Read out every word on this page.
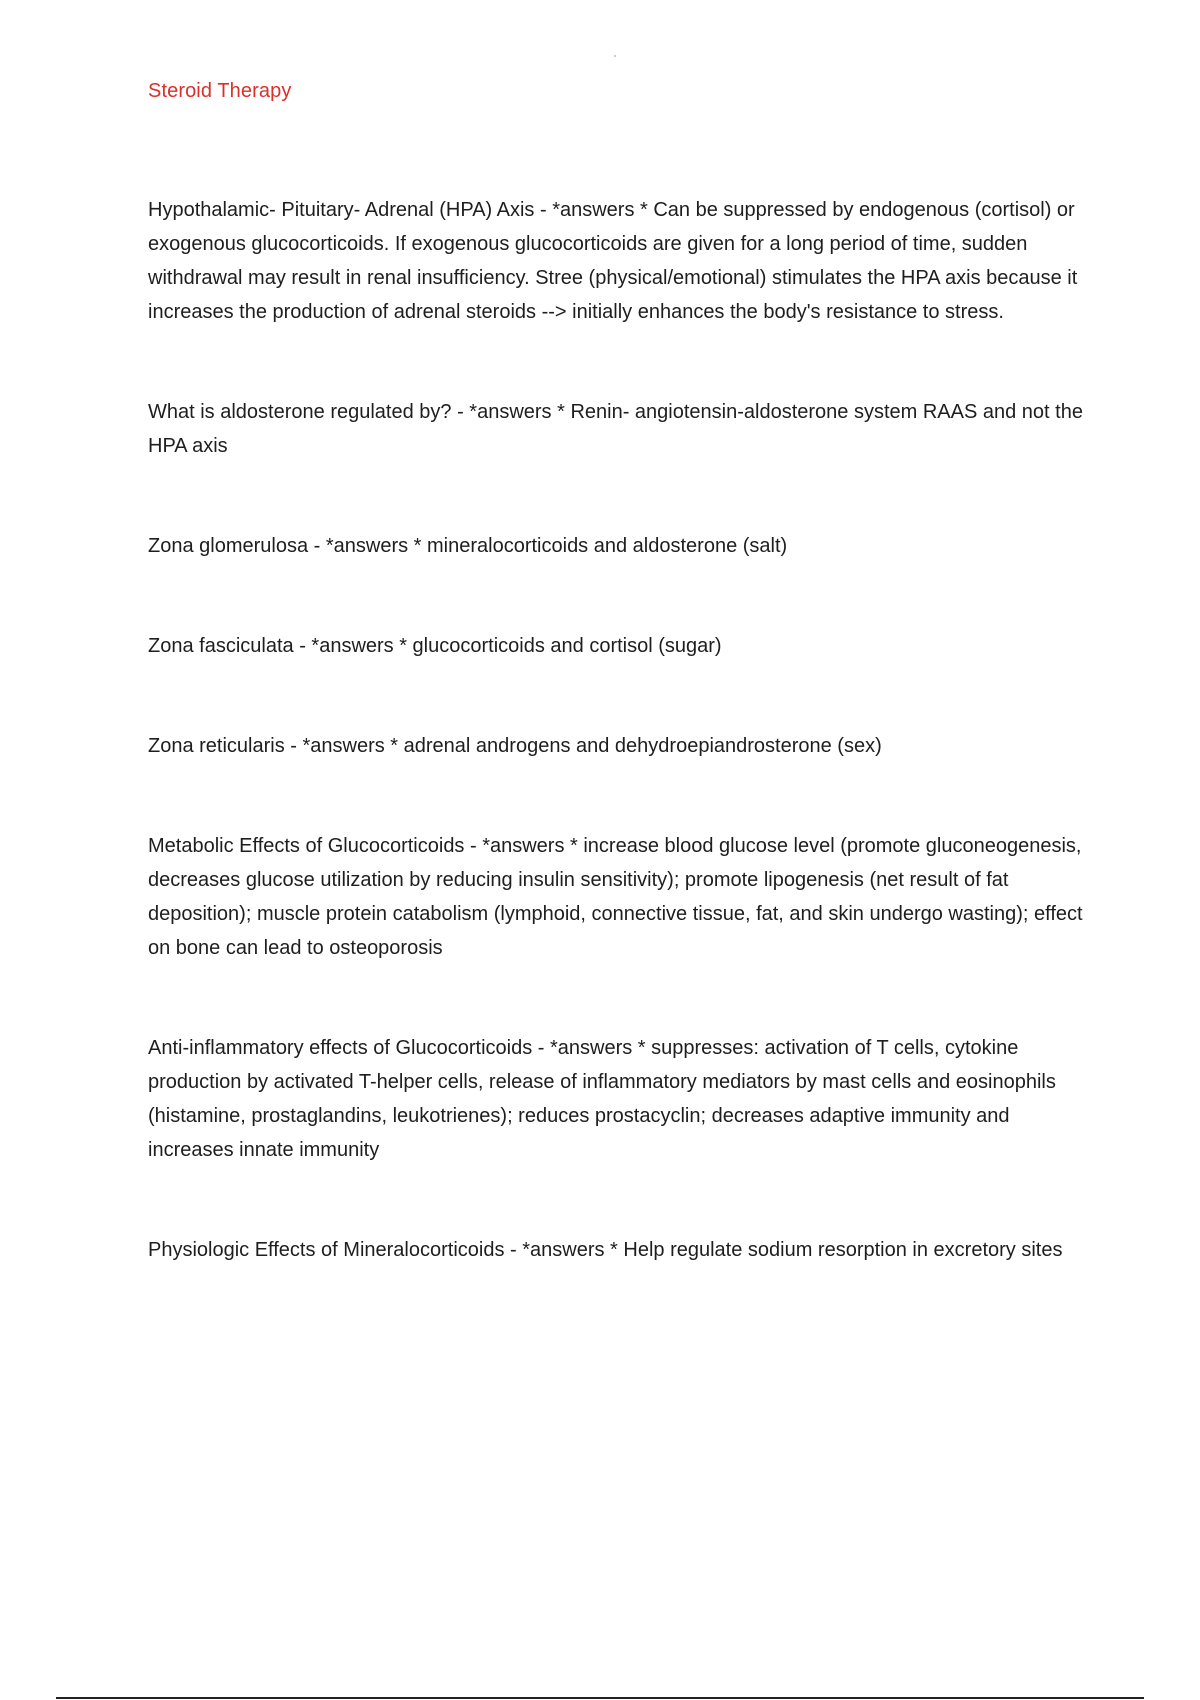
Steroid Therapy

Hypothalamic- Pituitary- Adrenal (HPA) Axis - *answers * Can be suppressed by endogenous (cortisol) or exogenous glucocorticoids. If exogenous glucocorticoids are given for a long period of time, sudden withdrawal may result in renal insufficiency. Stree (physical/emotional) stimulates the HPA axis because it increases the production of adrenal steroids --> initially enhances the body's resistance to stress.

What is aldosterone regulated by? - *answers * Renin- angiotensin-aldosterone system RAAS and not the HPA axis

Zona glomerulosa - *answers * mineralocorticoids and aldosterone (salt)

Zona fasciculata - *answers * glucocorticoids and cortisol (sugar)

Zona reticularis - *answers * adrenal androgens and dehydroepiandrosterone (sex)

Metabolic Effects of Glucocorticoids - *answers * increase blood glucose level (promote gluconeogenesis, decreases glucose utilization by reducing insulin sensitivity); promote lipogenesis (net result of fat deposition); muscle protein catabolism (lymphoid, connective tissue, fat, and skin undergo wasting); effect on bone can lead to osteoporosis

Anti-inflammatory effects of Glucocorticoids - *answers * suppresses: activation of T cells, cytokine production by activated T-helper cells, release of inflammatory mediators by mast cells and eosinophils (histamine, prostaglandins, leukotrienes); reduces prostacyclin; decreases adaptive immunity and increases innate immunity

Physiologic Effects of Mineralocorticoids - *answers * Help regulate sodium resorption in excretory sites
